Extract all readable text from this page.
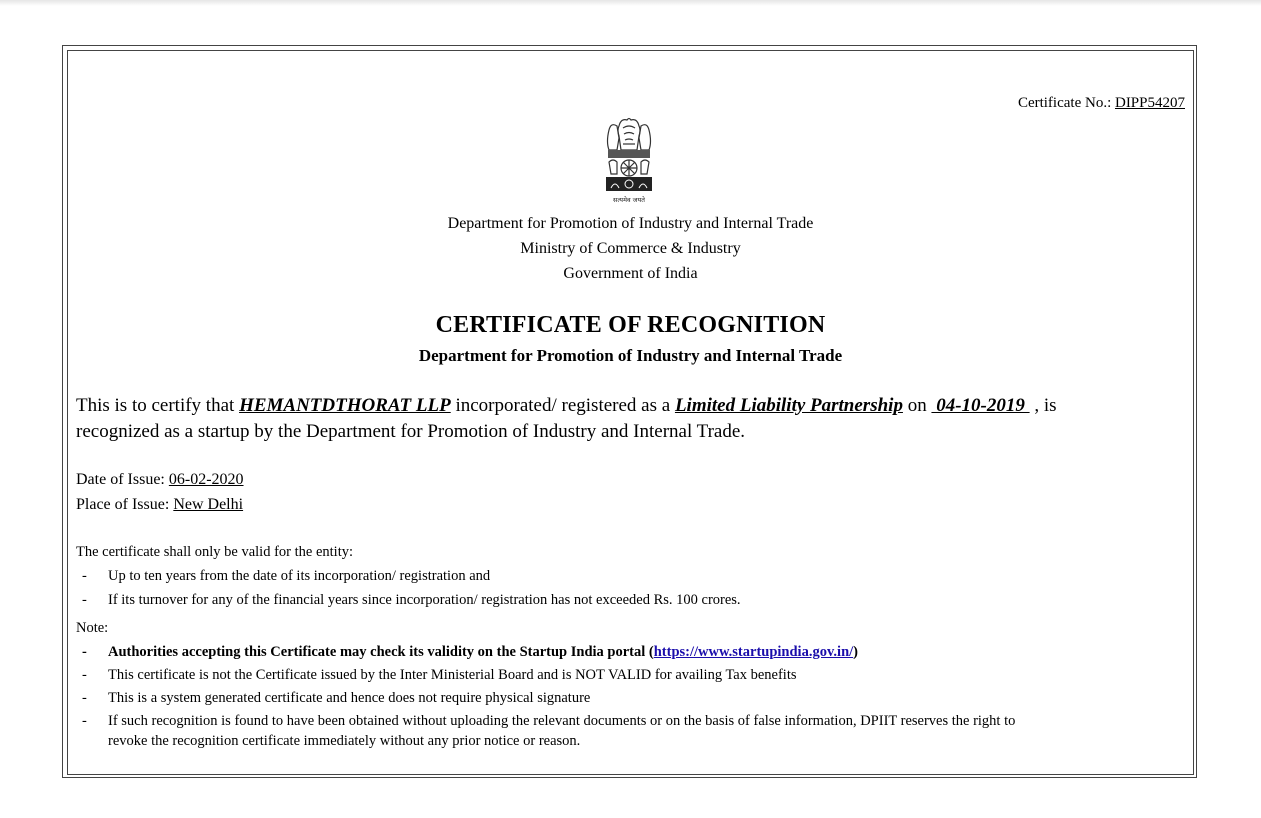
Certificate No.: DIPP54207
सत्यमेव जयते
Department for Promotion of Industry and Internal Trade
Ministry of Commerce & Industry
Government of India
CERTIFICATE OF RECOGNITION
Department for Promotion of Industry and Internal Trade
This is to certify that HEMANTDTHORAT LLP incorporated/ registered as a Limited Liability Partnership on  04-10-2019  , is
recognized as a startup by the Department for Promotion of Industry and Internal Trade.
Date of Issue: 06-02-2020
Place of Issue: New Delhi
The certificate shall only be valid for the entity:
- Up to ten years from the date of its incorporation/ registration and
- If its turnover for any of the financial years since incorporation/ registration has not exceeded Rs. 100 crores.
Note:
- Authorities accepting this Certificate may check its validity on the Startup India portal (https://www.startupindia.gov.in/)
- This certificate is not the Certificate issued by the Inter Ministerial Board and is NOT VALID for availing Tax benefits
- This is a system generated certificate and hence does not require physical signature
- If such recognition is found to have been obtained without uploading the relevant documents or on the basis of false information, DPIIT reserves the right to
revoke the recognition certificate immediately without any prior notice or reason.
